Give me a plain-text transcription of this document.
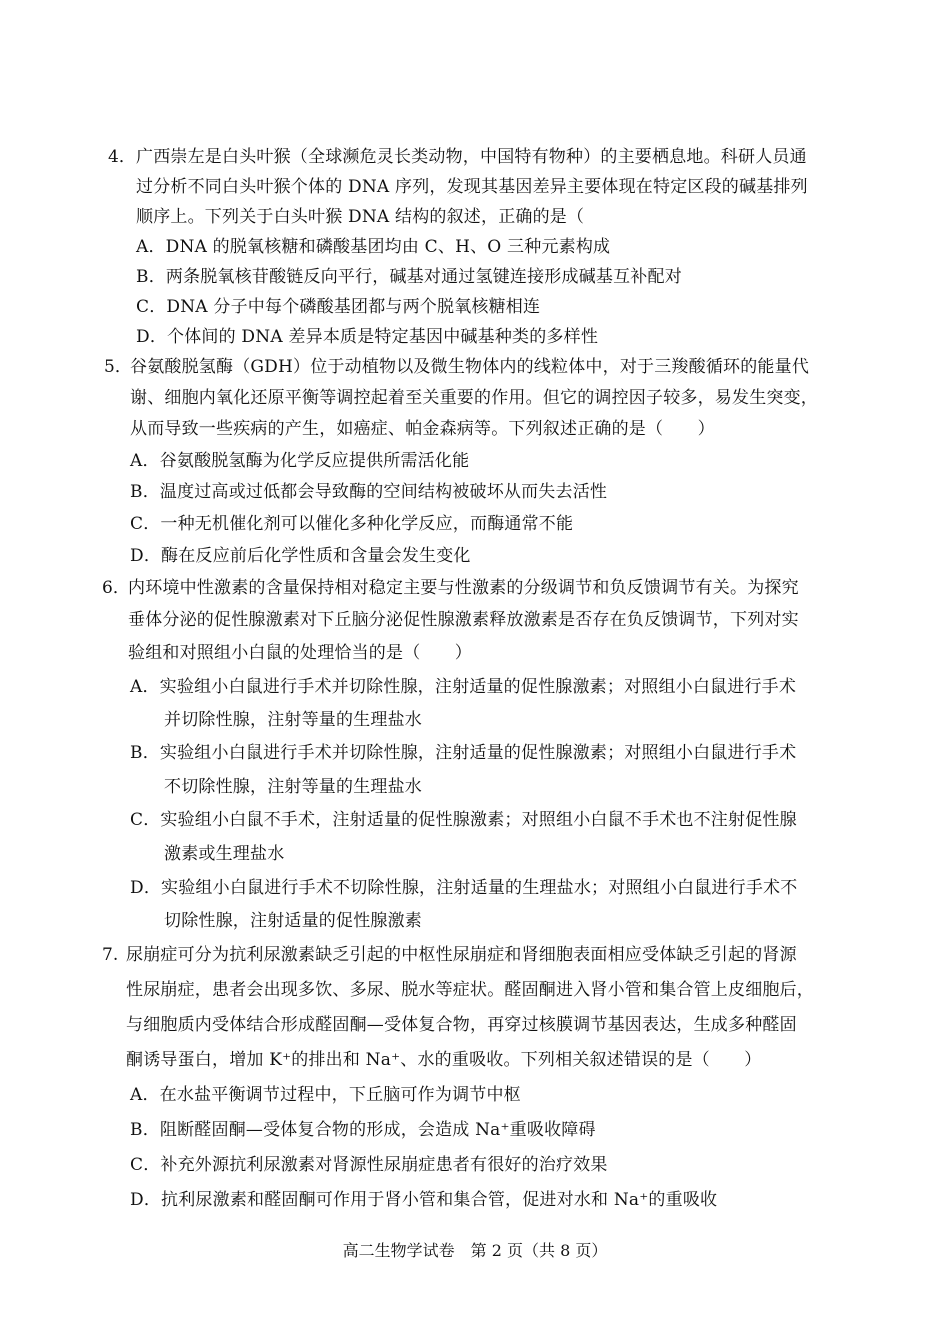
4． 广西崇左是白头叶猴（全球濒危灵长类动物，中国特有物种）的主要栖息地。科研人员通
过分析不同白头叶猴个体的 DNA 序列，发现其基因差异主要体现在特定区段的碱基排列
顺序上。下列关于白头叶猴 DNA 结构的叙述，正确的是（
A．DNA 的脱氧核糖和磷酸基团均由 C、H、O 三种元素构成
B．两条脱氧核苷酸链反向平行，碱基对通过氢键连接形成碱基互补配对
C．DNA 分子中每个磷酸基团都与两个脱氧核糖相连
D．个体间的 DNA 差异本质是特定基因中碱基种类的多样性
5．
谷氨酸脱氢酶（GDH）位于动植物以及微生物体内的线粒体中，对于三羧酸循环的能量代
谢、细胞内氧化还原平衡等调控起着至关重要的作用。但它的调控因子较多，易发生突变，
从而导致一些疾病的产生，如癌症、帕金森病等。下列叙述正确的是（　　）
A．谷氨酸脱氢酶为化学反应提供所需活化能
B．温度过高或过低都会导致酶的空间结构被破坏从而失去活性
C．一种无机催化剂可以催化多种化学反应，而酶通常不能
D．酶在反应前后化学性质和含量会发生变化
6．
内环境中性激素的含量保持相对稳定主要与性激素的分级调节和负反馈调节有关。为探究
垂体分泌的促性腺激素对下丘脑分泌促性腺激素释放激素是否存在负反馈调节，下列对实
验组和对照组小白鼠的处理恰当的是（　　）
A．实验组小白鼠进行手术并切除性腺，注射适量的促性腺激素；对照组小白鼠进行手术
并切除性腺，注射等量的生理盐水
B．实验组小白鼠进行手术并切除性腺，注射适量的促性腺激素；对照组小白鼠进行手术
不切除性腺，注射等量的生理盐水
C．实验组小白鼠不手术，注射适量的促性腺激素；对照组小白鼠不手术也不注射促性腺
激素或生理盐水
D．实验组小白鼠进行手术不切除性腺，注射适量的生理盐水；对照组小白鼠进行手术不
切除性腺，注射适量的促性腺激素
7. 尿崩症可分为抗利尿激素缺乏引起的中枢性尿崩症和肾细胞表面相应受体缺乏引起的肾源
性尿崩症，患者会出现多饮、多尿、脱水等症状。醛固酮进入肾小管和集合管上皮细胞后，
与细胞质内受体结合形成醛固酮—受体复合物，再穿过核膜调节基因表达，生成多种醛固
酮诱导蛋白，增加 K⁺的排出和 Na⁺、水的重吸收。下列相关叙述错误的是（　　）
A．在水盐平衡调节过程中，下丘脑可作为调节中枢
B．阻断醛固酮—受体复合物的形成，会造成 Na⁺重吸收障碍
C．补充外源抗利尿激素对肾源性尿崩症患者有很好的治疗效果
D．抗利尿激素和醛固酮可作用于肾小管和集合管，促进对水和 Na⁺的重吸收
高二生物学试卷　第 2 页（共 8 页）
